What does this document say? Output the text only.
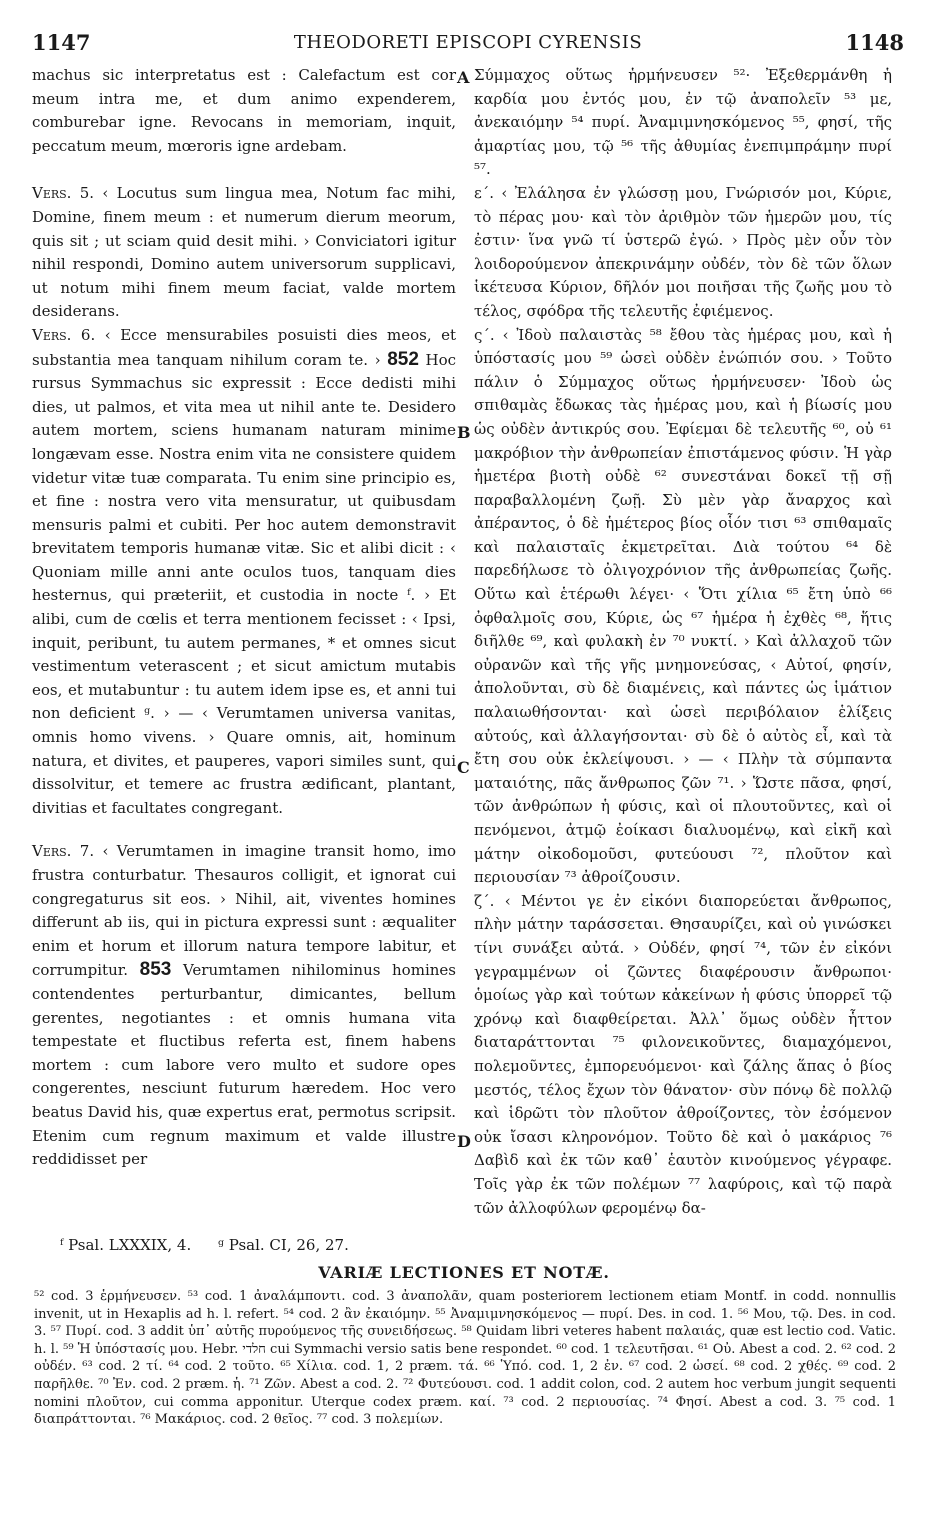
1147	THEODORETI EPISCOPI CYRENSIS	1148
A
B
C
D

machus sic interpretatus est : Calefactum est cor meum intra me, et dum animo expenderem, comburebar igne. Revocans in memoriam, inquit, peccatum meum, mœroris igne ardebam.

Vers. 5. ‹ Locutus sum lingua mea, Notum fac mihi, Domine, finem meum : et numerum dierum meorum, quis sit ; ut sciam quid desit mihi. › Conviciatori igitur nihil respondi, Domino autem universorum supplicavi, ut notum mihi finem meum faciat, valde mortem desiderans.

Vers. 6. ‹ Ecce mensurabiles posuisti dies meos, et substantia mea tanquam nihilum coram te. › 852 Hoc rursus Symmachus sic expressit : Ecce dedisti mihi dies, ut palmos, et vita mea ut nihil ante te. Desidero autem mortem, sciens humanam naturam minime longævam esse. Nostra enim vita ne consistere quidem videtur vitæ tuæ comparata. Tu enim sine principio es, et fine : nostra vero vita mensuratur, ut quibusdam mensuris palmi et cubiti. Per hoc autem demonstravit brevitatem temporis humanæ vitæ. Sic et alibi dicit : ‹ Quoniam mille anni ante oculos tuos, tanquam dies hesternus, qui præteriit, et custodia in nocte ᶠ. › Et alibi, cum de cœlis et terra mentionem fecisset : ‹ Ipsi, inquit, peribunt, tu autem permanes, * et omnes sicut vestimentum veterascent ; et sicut amictum mutabis eos, et mutabuntur : tu autem idem ipse es, et anni tui non deficient ᵍ. › — ‹ Verumtamen universa vanitas, omnis homo vivens. › Quare omnis, ait, hominum natura, et divites, et pauperes, vapori similes sunt, qui dissolvitur, et temere ac frustra ædificant, plantant, divitias et facultates congregant.

Vers. 7. ‹ Verumtamen in imagine transit homo, imo frustra conturbatur. Thesauros colligit, et ignorat cui congregaturus sit eos. › Nihil, ait, viventes homines differunt ab iis, qui in pictura expressi sunt : æqualiter enim et horum et illorum natura tempore labitur, et corrumpitur. 853 Verumtamen nihilominus homines contendentes perturbantur, dimicantes, bellum gerentes, negotiantes : et omnis humana vita tempestate et fluctibus referta est, finem habens mortem : cum labore vero multo et sudore opes congerentes, nesciunt futurum hæredem. Hoc vero beatus David his, quæ expertus erat, permotus scripsit. Etenim cum regnum maximum et valde illustre reddidisset per

Σύμμαχος οὕτως ἡρμήνευσεν ⁵²· Ἐξεθερμάνθη ἡ καρδία μου ἐντός μου, ἐν τῷ ἀναπολεῖν ⁵³ με, ἀνεκαιόμην ⁵⁴ πυρί. Ἀναμιμνησκόμενος ⁵⁵, φησί, τῆς ἁμαρτίας μου, τῷ ⁵⁶ τῆς ἀθυμίας ἐνεπιμπράμην πυρί ⁵⁷.

ε΄. ‹ Ἐλάλησα ἐν γλώσσῃ μου, Γνώρισόν μοι, Κύριε, τὸ πέρας μου· καὶ τὸν ἀριθμὸν τῶν ἡμερῶν μου, τίς ἐστιν· ἵνα γνῶ τί ὑστερῶ ἐγώ. › Πρὸς μὲν οὖν τὸν λοιδορούμενον ἀπεκρινάμην οὐδέν, τὸν δὲ τῶν ὅλων ἱκέτευσα Κύριον, δῆλόν μοι ποιῆσαι τῆς ζωῆς μου τὸ τέλος, σφόδρα τῆς τελευτῆς ἐφιέμενος.

ς΄. ‹ Ἰδοὺ παλαιστὰς ⁵⁸ ἔθου τὰς ἡμέρας μου, καὶ ἡ ὑπόστασίς μου ⁵⁹ ὡσεὶ οὐδὲν ἐνώπιόν σου. › Τοῦτο πάλιν ὁ Σύμμαχος οὕτως ἡρμήνευσεν· Ἰδοὺ ὡς σπιθαμὰς ἔδωκας τὰς ἡμέρας μου, καὶ ἡ βίωσίς μου ὡς οὐδὲν ἀντικρύς σου. Ἐφίεμαι δὲ τελευτῆς ⁶⁰, οὐ ⁶¹ μακρόβιον τὴν ἀνθρωπείαν ἐπιστάμενος φύσιν. Ἡ γὰρ ἡμετέρα βιοτὴ οὐδὲ ⁶² συνεστάναι δοκεῖ τῇ σῇ παραβαλλομένη ζωῇ. Σὺ μὲν γὰρ ἄναρχος καὶ ἀπέραντος, ὁ δὲ ἡμέτερος βίος οἷόν τισι ⁶³ σπιθαμαῖς καὶ παλαισταῖς ἐκμετρεῖται. Διὰ τούτου ⁶⁴ δὲ παρεδήλωσε τὸ ὀλιγοχρόνιον τῆς ἀνθρωπείας ζωῆς. Οὕτω καὶ ἑτέρωθι λέγει· ‹ Ὅτι χίλια ⁶⁵ ἔτη ὑπὸ ⁶⁶ ὀφθαλμοῖς σου, Κύριε, ὡς ⁶⁷ ἡμέρα ἡ ἐχθὲς ⁶⁸, ἥτις διῆλθε ⁶⁹, καὶ φυλακὴ ἐν ⁷⁰ νυκτί. › Καὶ ἀλλαχοῦ τῶν οὐρανῶν καὶ τῆς γῆς μνημονεύσας, ‹ Αὐτοί, φησίν, ἀπολοῦνται, σὺ δὲ διαμένεις, καὶ πάντες ὡς ἱμάτιον παλαιωθήσονται· καὶ ὡσεὶ περιβόλαιον ἑλίξεις αὐτούς, καὶ ἀλλαγήσονται· σὺ δὲ ὁ αὐτὸς εἶ, καὶ τὰ ἔτη σου οὐκ ἐκλείψουσι. › — ‹ Πλὴν τὰ σύμπαντα ματαιότης, πᾶς ἄνθρωπος ζῶν ⁷¹. › Ὥστε πᾶσα, φησί, τῶν ἀνθρώπων ἡ φύσις, καὶ οἱ πλουτοῦντες, καὶ οἱ πενόμενοι, ἀτμῷ ἐοίκασι διαλυομένῳ, καὶ εἰκῆ καὶ μάτην οἰκοδομοῦσι, φυτεύουσι ⁷², πλοῦτον καὶ περιουσίαν ⁷³ ἀθροίζουσιν.

ζ΄. ‹ Μέντοι γε ἐν εἰκόνι διαπορεύεται ἄνθρωπος, πλὴν μάτην ταράσσεται. Θησαυρίζει, καὶ οὐ γινώσκει τίνι συνάξει αὐτά. › Οὐδέν, φησί ⁷⁴, τῶν ἐν εἰκόνι γεγραμμένων οἱ ζῶντες διαφέρουσιν ἄνθρωποι· ὁμοίως γὰρ καὶ τούτων κἀκείνων ἡ φύσις ὑπορρεῖ τῷ χρόνῳ καὶ διαφθείρεται. Ἀλλ᾽ ὅμως οὐδὲν ἧττον διαταράττονται ⁷⁵ φιλονεικοῦντες, διαμαχόμενοι, πολεμοῦντες, ἐμπορευόμενοι· καὶ ζάλης ἅπας ὁ βίος μεστός, τέλος ἔχων τὸν θάνατον· σὺν πόνῳ δὲ πολλῷ καὶ ἱδρῶτι τὸν πλοῦτον ἀθροίζοντες, τὸν ἐσόμενον οὐκ ἴσασι κληρονόμον. Τοῦτο δὲ καὶ ὁ μακάριος ⁷⁶ Δαβὶδ καὶ ἐκ τῶν καθ᾽ ἑαυτὸν κινούμενος γέγραφε. Τοῖς γὰρ ἐκ τῶν πολέμων ⁷⁷ λαφύροις, καὶ τῷ παρὰ τῶν ἀλλοφύλων φερομένῳ δα-

ᶠ Psal. LXXXIX, 4. ᵍ Psal. CI, 26, 27.
VARIÆ LECTIONES ET NOTÆ.

⁵² cod. 3 ἑρμήνευσεν. ⁵³ cod. 1 ἀναλάμποντι. cod. 3 ἀναπολᾶν, quam posteriorem lectionem etiam Montf. in codd. nonnullis invenit, ut in Hexaplis ad h. l. refert. ⁵⁴ cod. 2 ἂν ἐκαιόμην. ⁵⁵ Ἀναμιμνησκόμενος — πυρί. Des. in cod. 1. ⁵⁶ Μου, τῷ. Des. in cod. 3. ⁵⁷ Πυρί. cod. 3 addit ὑπ᾽ αὐτῆς πυρούμενος τῆς συνειδήσεως. ⁵⁸ Quidam libri veteres habent παλαιάς, quæ est lectio cod. Vatic. h. l. ⁵⁹ Ἡ ὑπόστασίς μου. Hebr. חלדי cui Symmachi versio satis bene respondet. ⁶⁰ cod. 1 τελευτῆσαι. ⁶¹ Οὐ. Abest a cod. 2. ⁶² cod. 2 οὐδέν. ⁶³ cod. 2 τί. ⁶⁴ cod. 2 τοῦτο. ⁶⁵ Χίλια. cod. 1, 2 præm. τά. ⁶⁶ Ὑπό. cod. 1, 2 ἐν. ⁶⁷ cod. 2 ὡσεί. ⁶⁸ cod. 2 χθές. ⁶⁹ cod. 2 παρῆλθε. ⁷⁰ Ἐν. cod. 2 præm. ἡ. ⁷¹ Ζῶν. Abest a cod. 2. ⁷² Φυτεύουσι. cod. 1 addit colon, cod. 2 autem hoc verbum jungit sequenti nomini πλοῦτον, cui comma apponitur. Uterque codex præm. καί. ⁷³ cod. 2 περιουσίας. ⁷⁴ Φησί. Abest a cod. 3. ⁷⁵ cod. 1 διαπράττονται. ⁷⁶ Μακάριος. cod. 2 θεῖος. ⁷⁷ cod. 3 πολεμίων.
